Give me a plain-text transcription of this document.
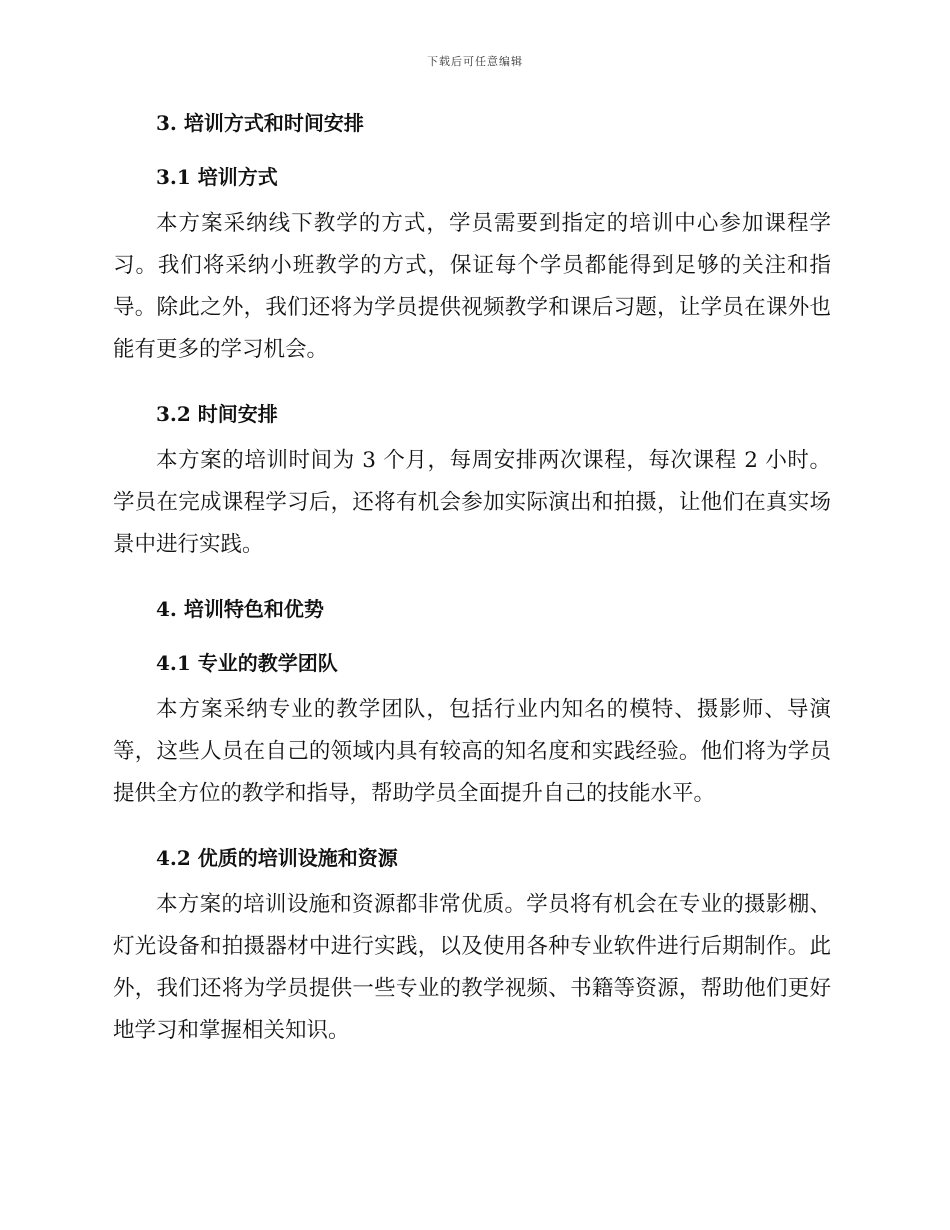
下载后可任意编辑
3. 培训方式和时间安排
3.1 培训方式

本方案采纳线下教学的方式，学员需要到指定的培训中心参加课程学习。我们将采纳小班教学的方式，保证每个学员都能得到足够的关注和指导。除此之外，我们还将为学员提供视频教学和课后习题，让学员在课外也能有更多的学习机会。

3.2 时间安排

本方案的培训时间为 3 个月，每周安排两次课程，每次课程 2 小时。学员在完成课程学习后，还将有机会参加实际演出和拍摄，让他们在真实场景中进行实践。

4. 培训特色和优势
4.1 专业的教学团队

本方案采纳专业的教学团队，包括行业内知名的模特、摄影师、导演等，这些人员在自己的领域内具有较高的知名度和实践经验。他们将为学员提供全方位的教学和指导，帮助学员全面提升自己的技能水平。

4.2 优质的培训设施和资源

本方案的培训设施和资源都非常优质。学员将有机会在专业的摄影棚、灯光设备和拍摄器材中进行实践，以及使用各种专业软件进行后期制作。此外，我们还将为学员提供一些专业的教学视频、书籍等资源，帮助他们更好地学习和掌握相关知识。
